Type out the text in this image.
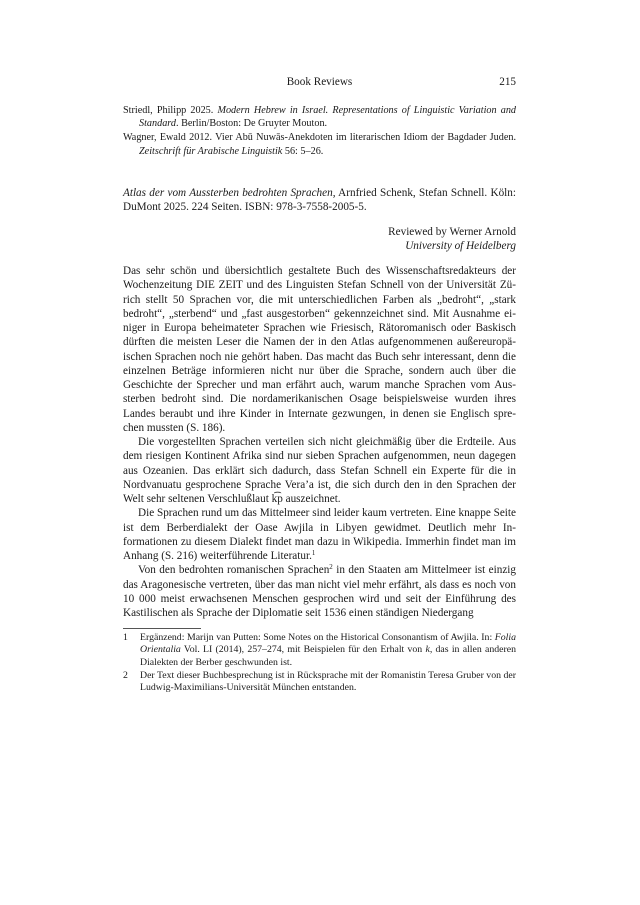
Book Reviews	215

Striedl, Philipp 2025. Modern Hebrew in Israel. Representations of Linguistic Variation and Standard. Berlin/Boston: De Gruyter Mouton.

Wagner, Ewald 2012. Vier Abū Nuwās-Anekdoten im literarischen Idiom der Bagdader Juden. Zeitschrift für Arabische Linguistik 56: 5–26.

Atlas der vom Aussterben bedrohten Sprachen, Arnfried Schenk, Stefan Schnell. Köln: DuMont 2025. 224 Seiten. ISBN: 978-3-7558-2005-5.
Reviewed by Werner Arnold
University of Heidelberg

Das sehr schön und übersichtlich gestaltete Buch des Wissenschaftsredakteurs der Wochenzeitung DIE ZEIT und des Linguisten Stefan Schnell von der Universität Zürich stellt 50 Sprachen vor, die mit unterschiedlichen Farben als „bedroht“, „stark bedroht“, „sterbend“ und „fast ausgestorben“ gekennzeichnet sind. Mit Ausnahme einiger in Europa beheimateter Sprachen wie Friesisch, Rätoromanisch oder Baskisch dürften die meisten Leser die Namen der in den Atlas aufgenommenen außereuropäischen Sprachen noch nie gehört haben. Das macht das Buch sehr interessant, denn die einzelnen Beträge informieren nicht nur über die Sprache, sondern auch über die Geschichte der Sprecher und man erfährt auch, warum manche Sprachen vom Aussterben bedroht sind. Die nordamerikanischen Osage beispielsweise wurden ihres Landes beraubt und ihre Kinder in Internate gezwungen, in denen sie Englisch sprechen mussten (S. 186).

Die vorgestellten Sprachen verteilen sich nicht gleichmäßig über die Erdteile. Aus dem riesigen Kontinent Afrika sind nur sieben Sprachen aufgenommen, neun dagegen aus Ozeanien. Das erklärt sich dadurch, dass Stefan Schnell ein Experte für die in Nordvanuatu gesprochene Sprache Vera’a ist, die sich durch den in den Sprachen der Welt sehr seltenen Verschlußlaut k͡p auszeichnet.

Die Sprachen rund um das Mittelmeer sind leider kaum vertreten. Eine knappe Seite ist dem Berberdialekt der Oase Awjila in Libyen gewidmet. Deutlich mehr Informationen zu diesem Dialekt findet man dazu in Wikipedia. Immerhin findet man im Anhang (S. 216) weiterführende Literatur.$^1$

Von den bedrohten romanischen Sprachen$^2$ in den Staaten am Mittelmeer ist einzig das Aragonesische vertreten, über das man nicht viel mehr erfährt, als dass es noch von 10 000 meist erwachsenen Menschen gesprochen wird und seit der Einführung des Kastilischen als Sprache der Diplomatie seit 1536 einen ständigen Niedergang

1	Ergänzend: Marijn van Putten: Some Notes on the Historical Consonantism of Awjila. In: Folia Orientalia Vol. LI (2014), 257–274, mit Beispielen für den Erhalt von k, das in allen anderen Dialekten der Berber geschwunden ist.
2	Der Text dieser Buchbesprechung ist in Rücksprache mit der Romanistin Teresa Gruber von der Ludwig-Maximilians-Universität München entstanden.
